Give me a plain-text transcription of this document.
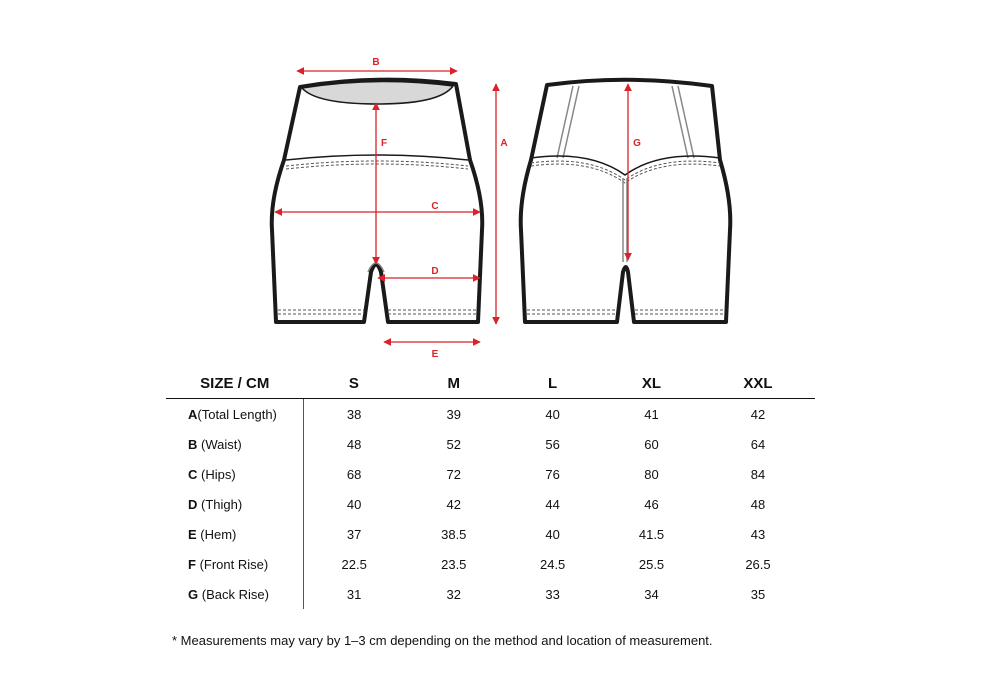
B
A
F
C
D
E
G
SIZE / CM	S	M	L	XL	XXL
A(Total Length)	38	39	40	41	42
B (Waist)	48	52	56	60	64
C (Hips)	68	72	76	80	84
D (Thigh)	40	42	44	46	48
E (Hem)	37	38.5	40	41.5	43
F (Front Rise)	22.5	23.5	24.5	25.5	26.5
G (Back Rise)	31	32	33	34	35
* Measurements may vary by 1–3 cm depending on the method and location of measurement.
